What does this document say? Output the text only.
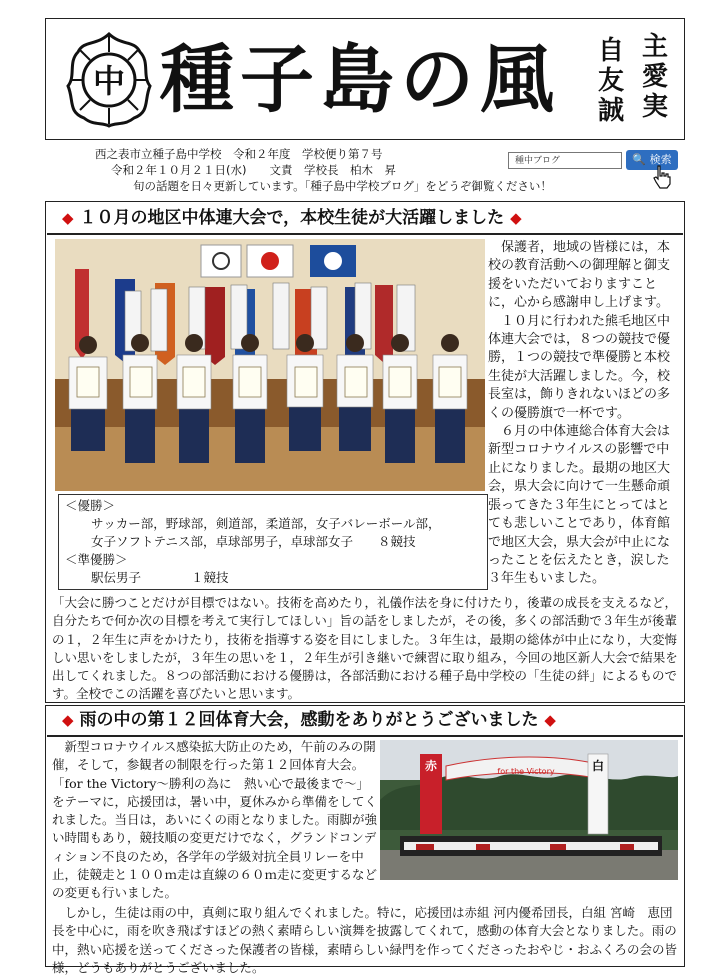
中 種子島の風	自
友
誠
主
愛
実
西之表市立種子島中学校　令和２年度　学校便り第７号
令和２年１０月２１日(水)　　文責　学校長　柏木　昇
旬の話題を日々更新しています。「種子島中学校ブログ」をどうぞ御覧ください！
種中ブログ	🔍 検索
◆ １０月の地区中体連大会で，本校生徒が大活躍しました ◆

　保護者，地域の皆様には，本校の教育活動への御理解と御支援をいただいておりますことに，心から感謝申し上げます。

　１０月に行われた熊毛地区中体連大会では，８つの競技で優勝，１つの競技で準優勝と本校生徒が大活躍しました。今，校長室は，飾りきれないほどの多くの優勝旗で一杯です。

　６月の中体連総合体育大会は新型コロナウイルスの影響で中止になりました。最期の地区大会，県大会に向けて一生懸命頑張ってきた３年生にとってはとても悲しいことであり，体育館で地区大会，県大会が中止になったことを伝えたとき，涙した３年生もいました。

＜優勝＞
サッカー部，野球部，剣道部，柔道部，女子バレーボール部，
女子ソフトテニス部，卓球部男子，卓球部女子　　８競技
＜準優勝＞
駅伝男子　　　　１競技

「大会に勝つことだけが目標ではない。技術を高めたり，礼儀作法を身に付けたり，後輩の成長を支えるなど，自分たちで何か次の目標を考えて実行してほしい」旨の話をしましたが，その後，多くの部活動で３年生が後輩の１，２年生に声をかけたり，技術を指導する姿を目にしました。３年生は，最期の総体が中止になり，大変悔しい思いをしましたが，３年生の思いを１，２年生が引き継いで練習に取り組み，今回の地区新人大会で結果を出してくれました。８つの部活動における優勝は，各部活動における種子島中学校の「生徒の絆」によるものです。全校でこの活躍を喜びたいと思います。

◆ 雨の中の第１２回体育大会，感動をありがとうございました ◆

　新型コロナウイルス感染拡大防止のため，午前のみの開催，そして，参観者の制限を行った第１２回体育大会。「for the Victory～勝利の為に　熱い心で最後まで～」をテーマに，応援団は，暑い中，夏休みから準備をしてくれました。当日は，あいにくの雨となりました。雨脚が強い時間もあり，競技順の変更だけでなく，グランドコンディション不良のため，各学年の学級対抗全員リレーを中止，徒競走と１００ｍ走は直線の６０ｍ走に変更するなどの変更も行いました。

for the Victory
赤	白

　しかし，生徒は雨の中，真剣に取り組んでくれました。特に，応援団は赤組 河内優希団長，白組 宮崎　恵団長を中心に，雨を吹き飛ばすほどの熱く素晴らしい演舞を披露してくれて，感動の体育大会となりました。雨の中，熱い応援を送ってくださった保護者の皆様，素晴らしい緑門を作ってくださったおやじ・おふくろの会の皆様，どうもありがとうございました。
